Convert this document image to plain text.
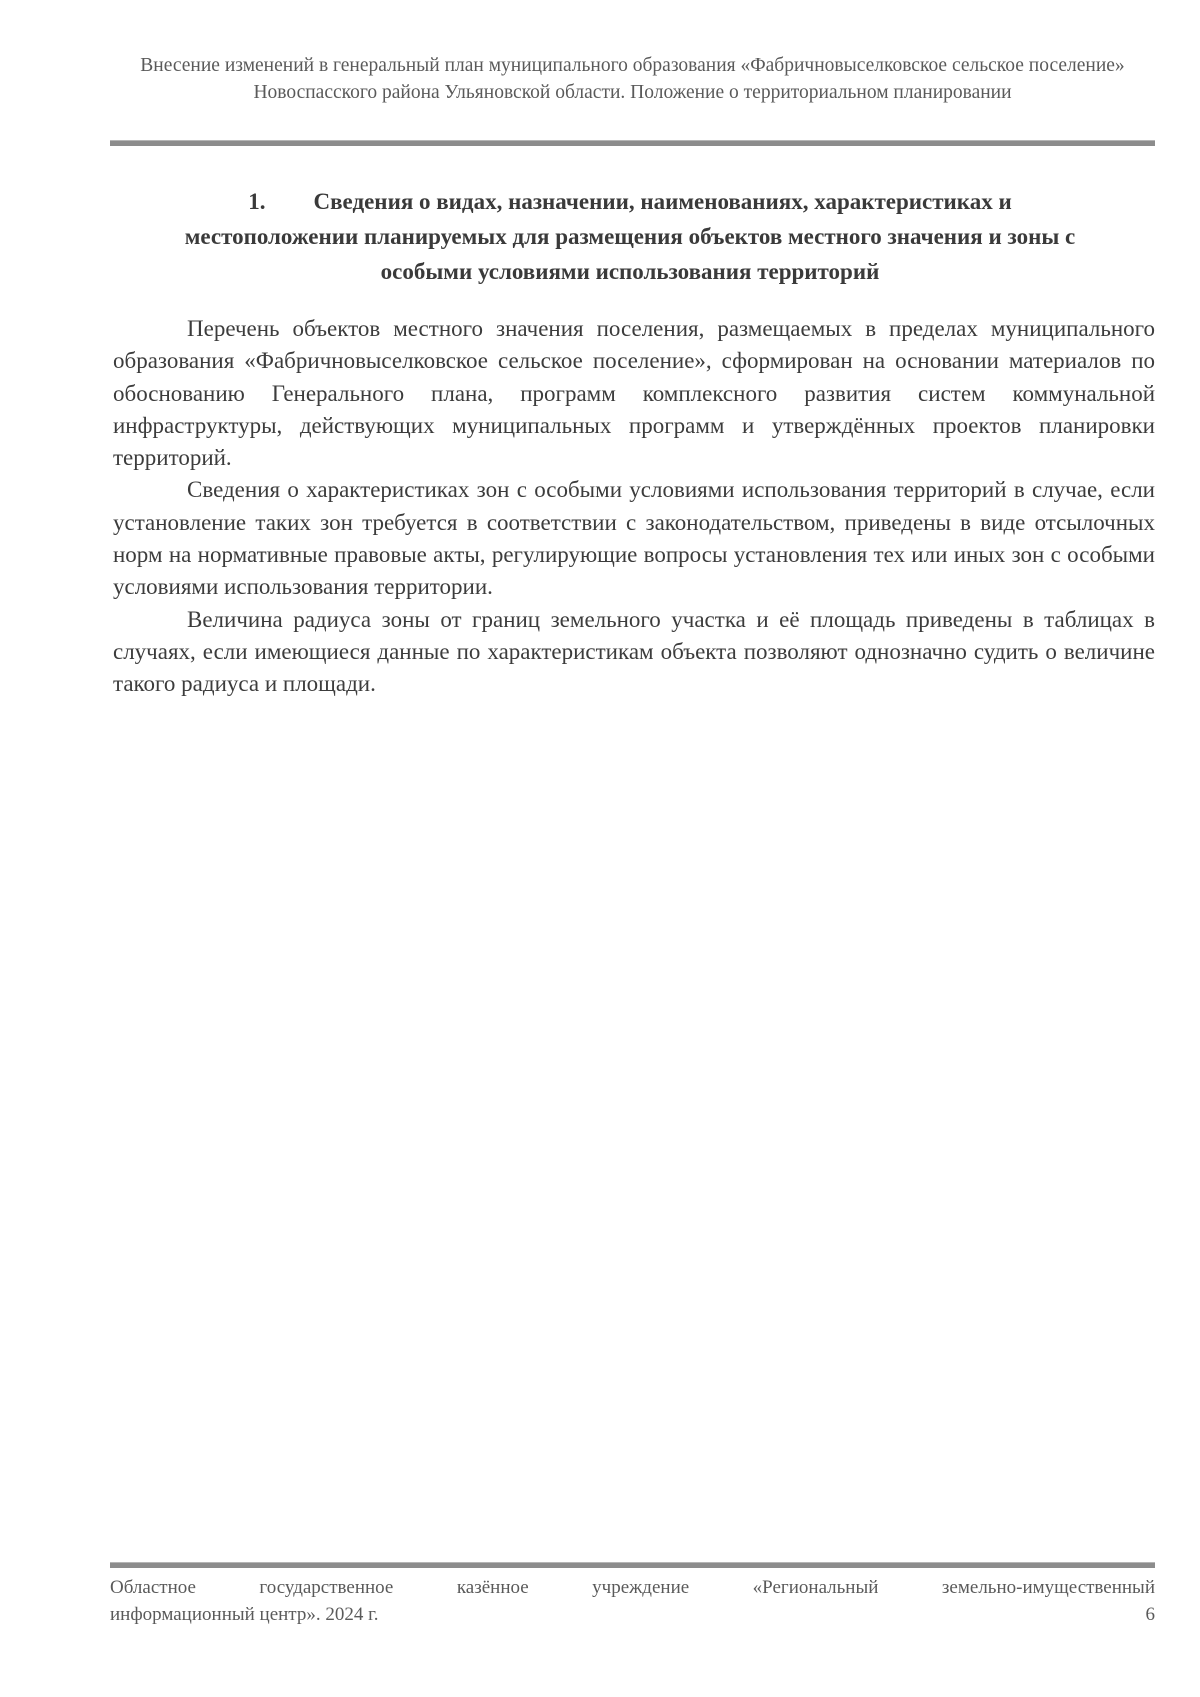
Внесение изменений в генеральный план муниципального образования «Фабричновыселковское сельское поселение» Новоспасского района Ульяновской области. Положение о территориальном планировании
1. Сведения о видах, назначении, наименованиях, характеристиках и местоположении планируемых для размещения объектов местного значения и зоны с особыми условиями использования территорий

Перечень объектов местного значения поселения, размещаемых в пределах муниципального образования «Фабричновыселковское сельское поселение», сформирован на основании материалов по обоснованию Генерального плана, программ комплексного развития систем коммунальной инфраструктуры, действующих муниципальных программ и утверждённых проектов планировки территорий.

Сведения о характеристиках зон с особыми условиями использования территорий в случае, если установление таких зон требуется в соответствии с законодательством, приведены в виде отсылочных норм на нормативные правовые акты, регулирующие вопросы установления тех или иных зон с особыми условиями использования территории.

Величина радиуса зоны от границ земельного участка и её площадь приведены в таблицах в случаях, если имеющиеся данные по характеристикам объекта позволяют однозначно судить о величине такого радиуса и площади.

Областное государственное казённое учреждение «Региональный земельно-имущественный
информационный центр». 2024 г.	6
